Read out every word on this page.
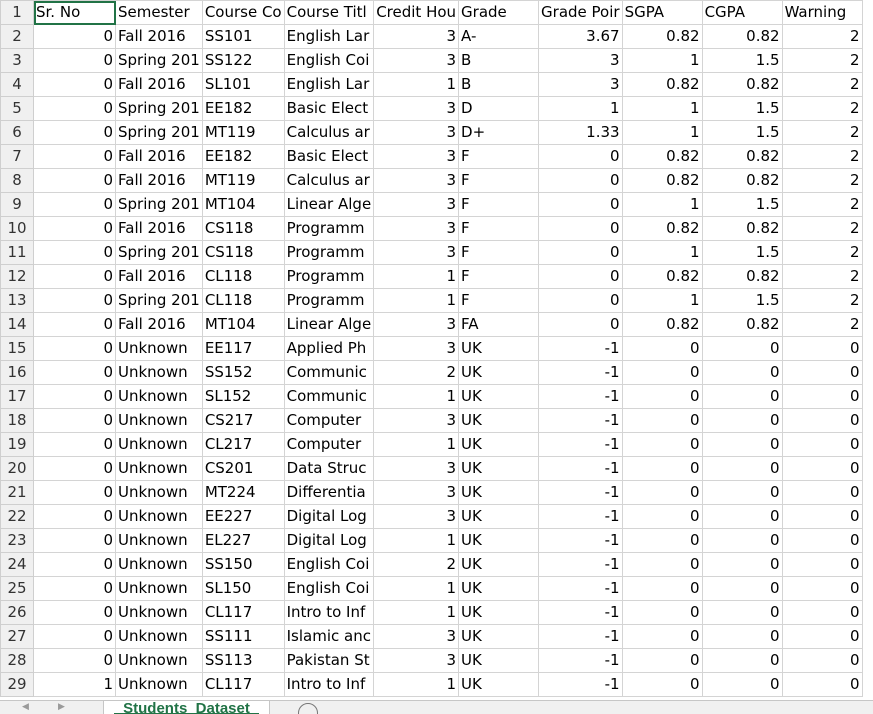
1	Sr. No	Semester	Course Co	Course Titl	Credit Hou	Grade	Grade Poir	SGPA	CGPA	Warning
2	0	Fall 2016	SS101	English Lar	3	A-	3.67	0.82	0.82	2
3	0	Spring 201	SS122	English Coi	3	B	3	1	1.5	2
4	0	Fall 2016	SL101	English Lar	1	B	3	0.82	0.82	2
5	0	Spring 201	EE182	Basic Elect	3	D	1	1	1.5	2
6	0	Spring 201	MT119	Calculus ar	3	D+	1.33	1	1.5	2
7	0	Fall 2016	EE182	Basic Elect	3	F	0	0.82	0.82	2
8	0	Fall 2016	MT119	Calculus ar	3	F	0	0.82	0.82	2
9	0	Spring 201	MT104	Linear Alge	3	F	0	1	1.5	2
10	0	Fall 2016	CS118	Programm	3	F	0	0.82	0.82	2
11	0	Spring 201	CS118	Programm	3	F	0	1	1.5	2
12	0	Fall 2016	CL118	Programm	1	F	0	0.82	0.82	2
13	0	Spring 201	CL118	Programm	1	F	0	1	1.5	2
14	0	Fall 2016	MT104	Linear Alge	3	FA	0	0.82	0.82	2
15	0	Unknown	EE117	Applied Ph	3	UK	-1	0	0	0
16	0	Unknown	SS152	Communic	2	UK	-1	0	0	0
17	0	Unknown	SL152	Communic	1	UK	-1	0	0	0
18	0	Unknown	CS217	Computer	3	UK	-1	0	0	0
19	0	Unknown	CL217	Computer	1	UK	-1	0	0	0
20	0	Unknown	CS201	Data Struc	3	UK	-1	0	0	0
21	0	Unknown	MT224	Differentia	3	UK	-1	0	0	0
22	0	Unknown	EE227	Digital Log	3	UK	-1	0	0	0
23	0	Unknown	EL227	Digital Log	1	UK	-1	0	0	0
24	0	Unknown	SS150	English Coi	2	UK	-1	0	0	0
25	0	Unknown	SL150	English Coi	1	UK	-1	0	0	0
26	0	Unknown	CL117	Intro to Inf	1	UK	-1	0	0	0
27	0	Unknown	SS111	Islamic anc	3	UK	-1	0	0	0
28	0	Unknown	SS113	Pakistan St	3	UK	-1	0	0	0
29	1	Unknown	CL117	Intro to Inf	1	UK	-1	0	0	0
◀	▶	Students_Dataset
